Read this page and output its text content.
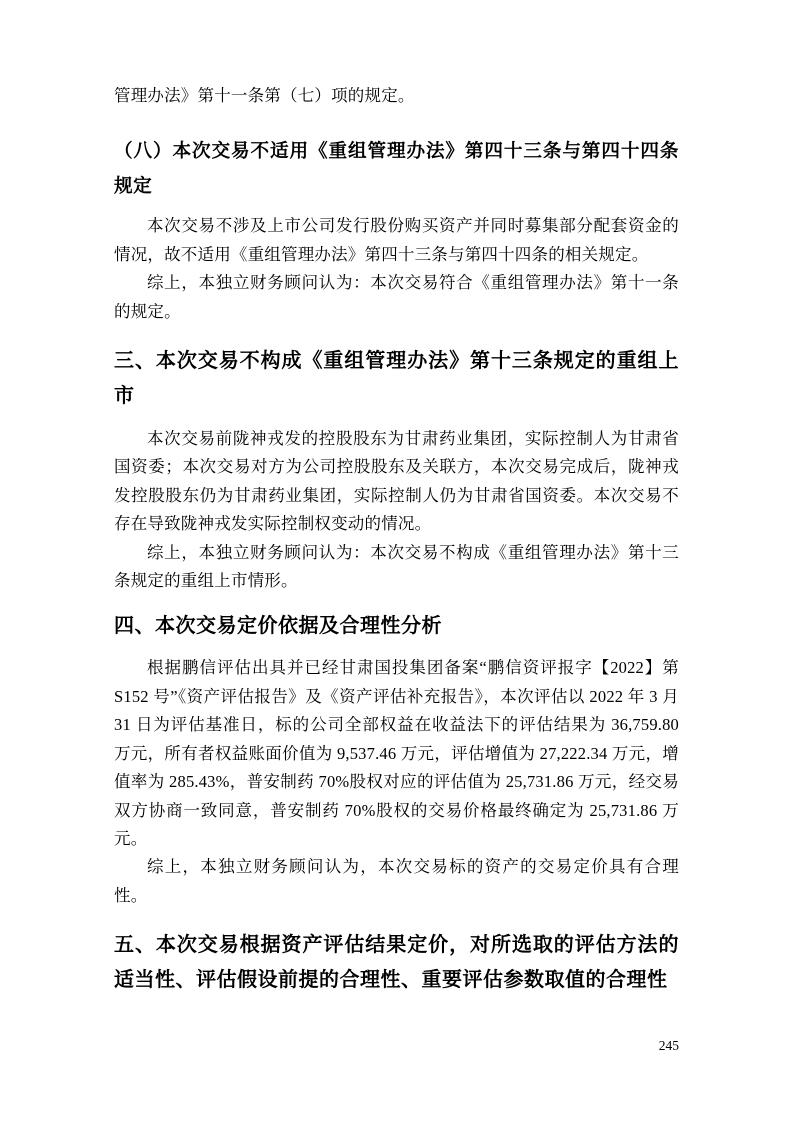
管理办法》第十一条第（七）项的规定。

（八）本次交易不适用《重组管理办法》第四十三条与第四十四条规定

本次交易不涉及上市公司发行股份购买资产并同时募集部分配套资金的情况，故不适用《重组管理办法》第四十三条与第四十四条的相关规定。

综上，本独立财务顾问认为：本次交易符合《重组管理办法》第十一条的规定。

三、本次交易不构成《重组管理办法》第十三条规定的重组上市

本次交易前陇神戎发的控股股东为甘肃药业集团，实际控制人为甘肃省国资委；本次交易对方为公司控股股东及关联方，本次交易完成后，陇神戎发控股股东仍为甘肃药业集团，实际控制人仍为甘肃省国资委。本次交易不存在导致陇神戎发实际控制权变动的情况。

综上，本独立财务顾问认为：本次交易不构成《重组管理办法》第十三条规定的重组上市情形。

四、本次交易定价依据及合理性分析

根据鹏信评估出具并已经甘肃国投集团备案“鹏信资评报字【2022】第 S152 号”《资产评估报告》及《资产评估补充报告》，本次评估以 2022 年 3 月 31 日为评估基准日，标的公司全部权益在收益法下的评估结果为 36,759.80 万元，所有者权益账面价值为 9,537.46 万元，评估增值为 27,222.34 万元，增值率为 285.43%，普安制药 70%股权对应的评估值为 25,731.86 万元，经交易双方协商一致同意，普安制药 70%股权的交易价格最终确定为 25,731.86 万元。

综上，本独立财务顾问认为，本次交易标的资产的交易定价具有合理性。

五、本次交易根据资产评估结果定价，对所选取的评估方法的适当性、评估假设前提的合理性、重要评估参数取值的合理性
245
